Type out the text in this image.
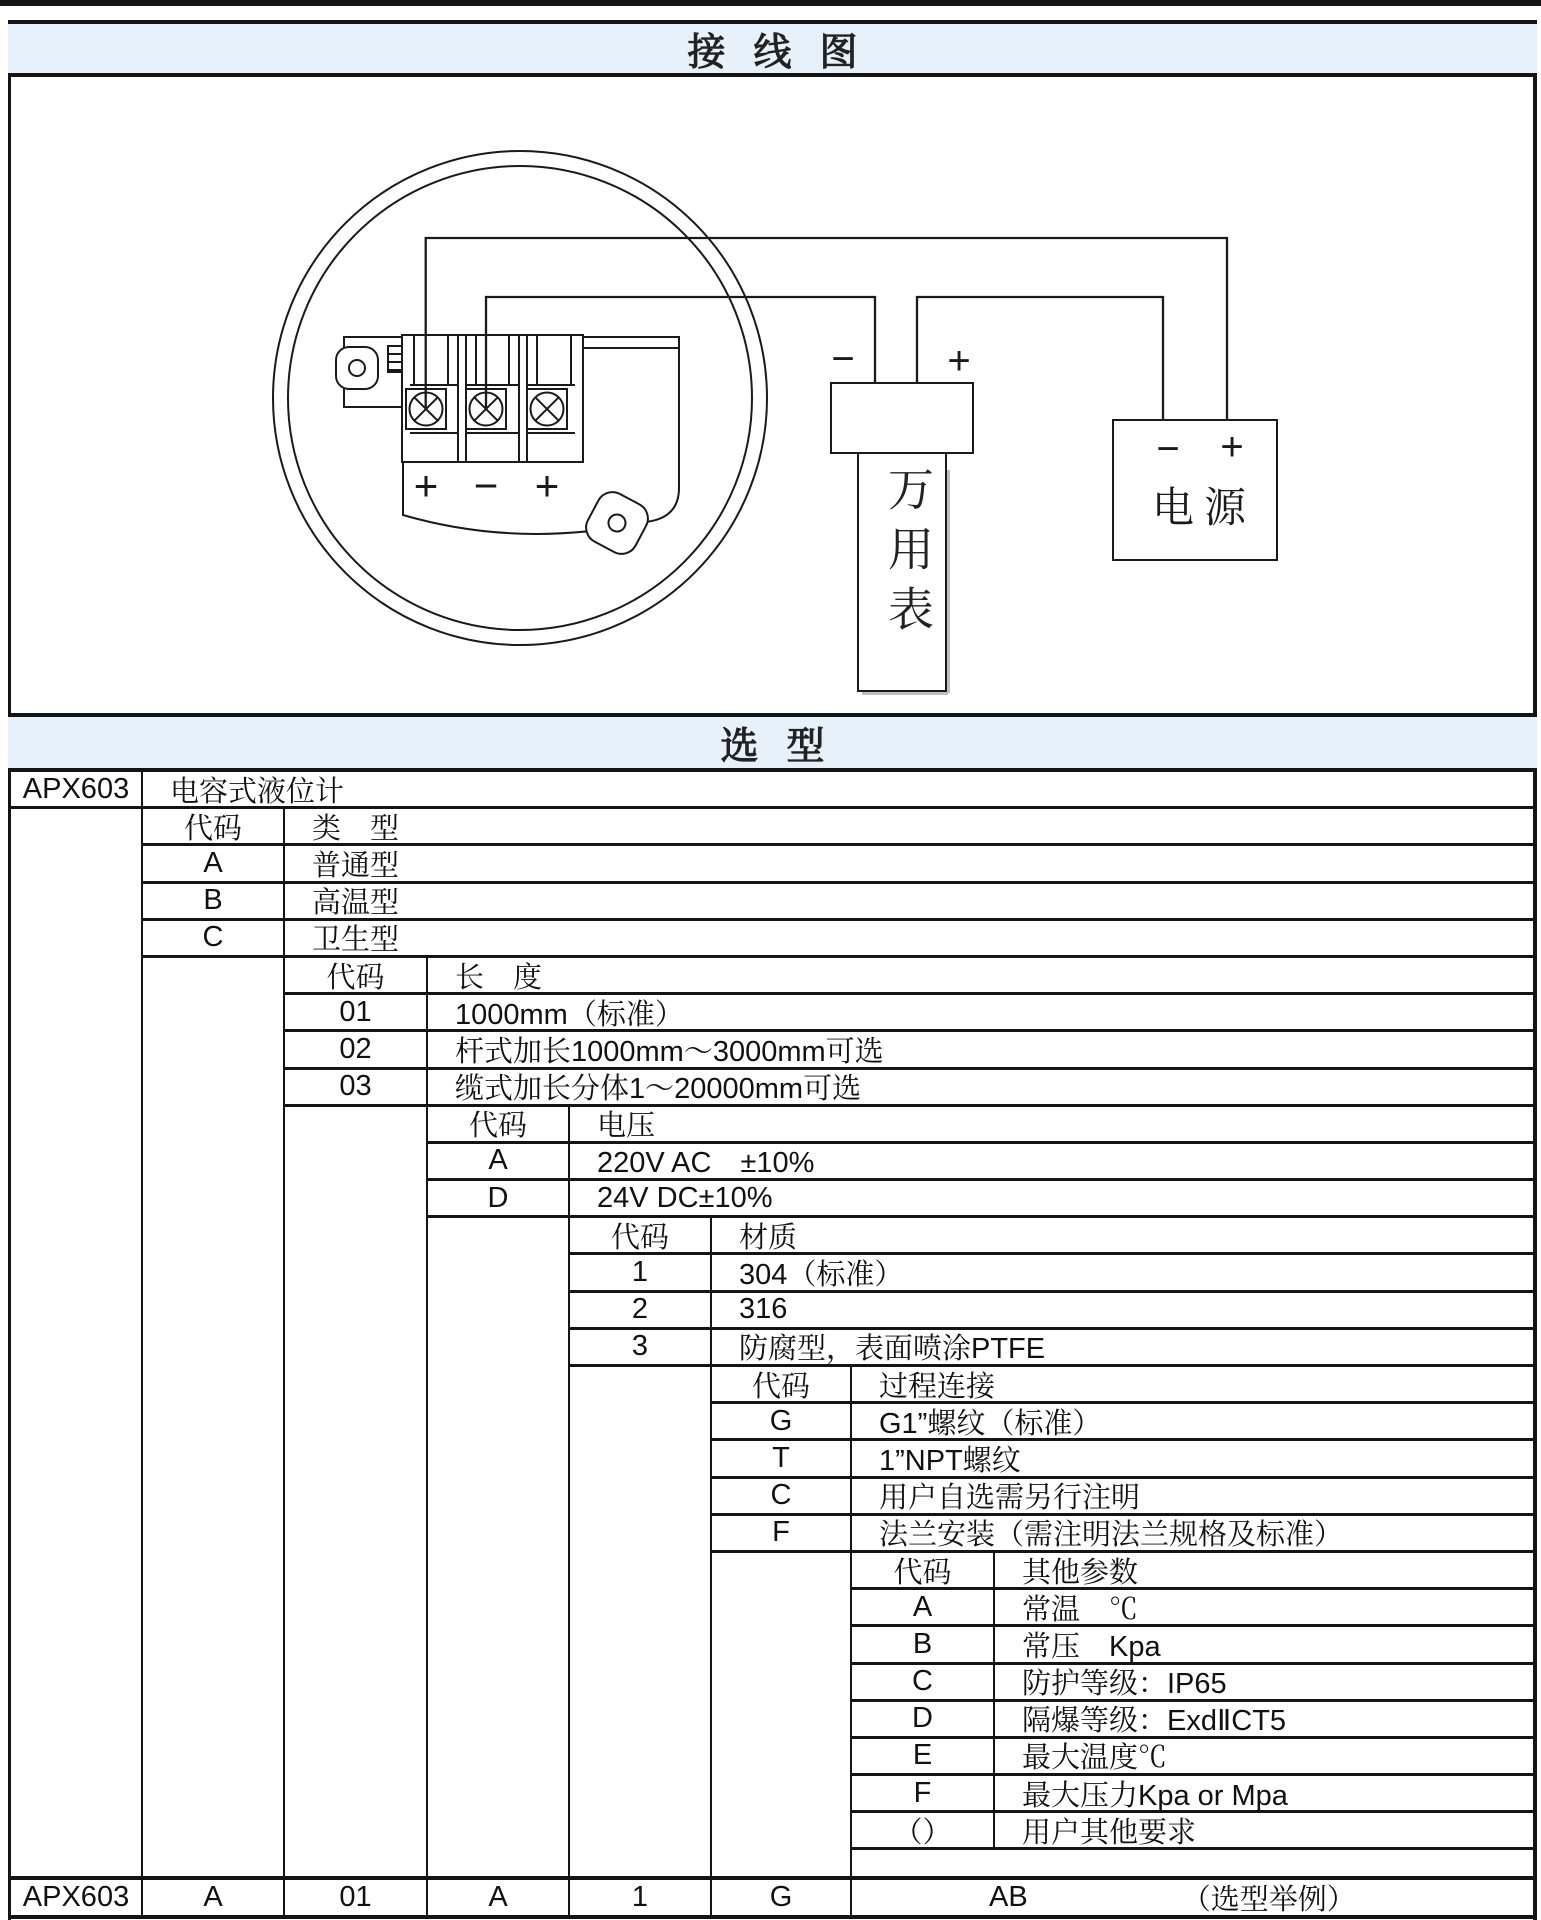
接线图
+ − +
− +
− +
电源
万用表
选型
APX603	电容式液位计
代码	类　型
A	普通型
B	高温型
C	卫生型
代码	长　度
01	1000mm（标准）
02	杆式加长1000mm～3000mm可选
03	缆式加长分体1～20000mm可选
代码	电压
A	220V AC　±10%
D	24V DC±10%
代码	材质
1	304（标准）
2	316
3	防腐型，表面喷涂PTFE
代码	过程连接
G	G1”螺纹（标准）
T	1”NPT螺纹
C	用户自选需另行注明
F	法兰安装（需注明法兰规格及标准）
代码	其他参数
A	常温　℃
B	常压　Kpa
C	防护等级：IP65
D	隔爆等级：ExdⅡCT5
E	最大温度℃
F	最大压力Kpa or Mpa
（）	用户其他要求
APX603	A	01	A	1	G	AB	（选型举例）
